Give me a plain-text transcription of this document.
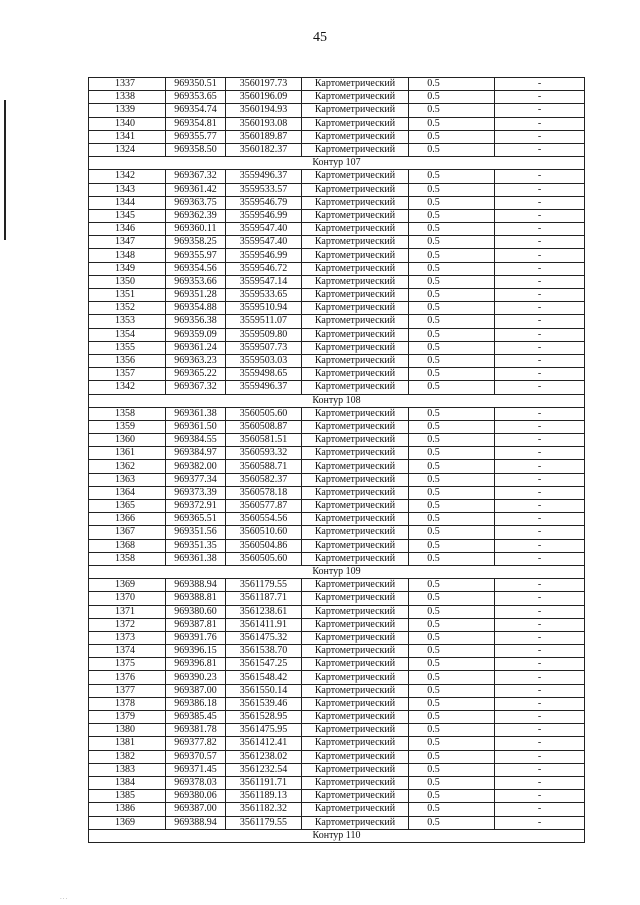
45
1337	969350.51	3560197.73	Картометрический	0.5	-
1338	969353.65	3560196.09	Картометрический	0.5	-
1339	969354.74	3560194.93	Картометрический	0.5	-
1340	969354.81	3560193.08	Картометрический	0.5	-
1341	969355.77	3560189.87	Картометрический	0.5	-
1324	969358.50	3560182.37	Картометрический	0.5	-
Контур 107					
1342	969367.32	3559496.37	Картометрический	0.5	-
1343	969361.42	3559533.57	Картометрический	0.5	-
1344	969363.75	3559546.79	Картометрический	0.5	-
1345	969362.39	3559546.99	Картометрический	0.5	-
1346	969360.11	3559547.40	Картометрический	0.5	-
1347	969358.25	3559547.40	Картометрический	0.5	-
1348	969355.97	3559546.99	Картометрический	0.5	-
1349	969354.56	3559546.72	Картометрический	0.5	-
1350	969353.66	3559547.14	Картометрический	0.5	-
1351	969351.28	3559533.65	Картометрический	0.5	-
1352	969354.88	3559510.94	Картометрический	0.5	-
1353	969356.38	3559511.07	Картометрический	0.5	-
1354	969359.09	3559509.80	Картометрический	0.5	-
1355	969361.24	3559507.73	Картометрический	0.5	-
1356	969363.23	3559503.03	Картометрический	0.5	-
1357	969365.22	3559498.65	Картометрический	0.5	-
1342	969367.32	3559496.37	Картометрический	0.5	-
Контур 108					
1358	969361.38	3560505.60	Картометрический	0.5	-
1359	969361.50	3560508.87	Картометрический	0.5	-
1360	969384.55	3560581.51	Картометрический	0.5	-
1361	969384.97	3560593.32	Картометрический	0.5	-
1362	969382.00	3560588.71	Картометрический	0.5	-
1363	969377.34	3560582.37	Картометрический	0.5	-
1364	969373.39	3560578.18	Картометрический	0.5	-
1365	969372.91	3560577.87	Картометрический	0.5	-
1366	969365.51	3560554.56	Картометрический	0.5	-
1367	969351.56	3560510.60	Картометрический	0.5	-
1368	969351.35	3560504.86	Картометрический	0.5	-
1358	969361.38	3560505.60	Картометрический	0.5	-
Контур 109					
1369	969388.94	3561179.55	Картометрический	0.5	-
1370	969388.81	3561187.71	Картометрический	0.5	-
1371	969380.60	3561238.61	Картометрический	0.5	-
1372	969387.81	3561411.91	Картометрический	0.5	-
1373	969391.76	3561475.32	Картометрический	0.5	-
1374	969396.15	3561538.70	Картометрический	0.5	-
1375	969396.81	3561547.25	Картометрический	0.5	-
1376	969390.23	3561548.42	Картометрический	0.5	-
1377	969387.00	3561550.14	Картометрический	0.5	-
1378	969386.18	3561539.46	Картометрический	0.5	-
1379	969385.45	3561528.95	Картометрический	0.5	-
1380	969381.78	3561475.95	Картометрический	0.5	-
1381	969377.82	3561412.41	Картометрический	0.5	-
1382	969370.57	3561238.02	Картометрический	0.5	-
1383	969371.45	3561232.54	Картометрический	0.5	-
1384	969378.03	3561191.71	Картометрический	0.5	-
1385	969380.06	3561189.13	Картометрический	0.5	-
1386	969387.00	3561182.32	Картометрический	0.5	-
1369	969388.94	3561179.55	Картометрический	0.5	-
Контур 110					
...
